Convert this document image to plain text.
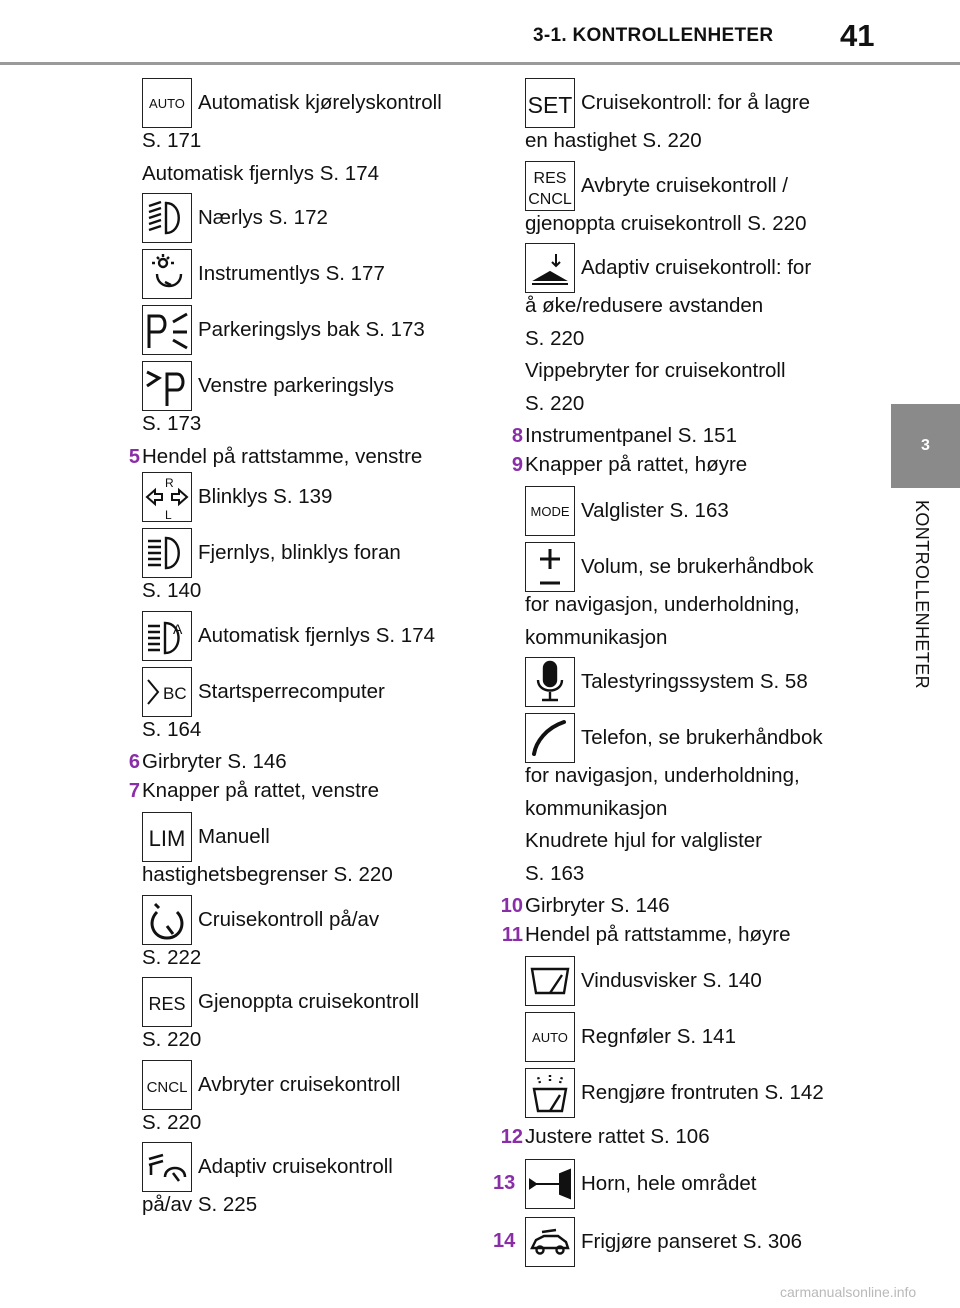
3-1. KONTROLLENHETER 41
3
KONTROLLENHETER
AUTO Automatisk kjørelyskontroll
S. 171
Automatisk fjernlys S. 174
Nærlys S. 172
Instrumentlys S. 177
Parkeringslys bak S. 173
Venstre parkeringslys
S. 173
5 Hendel på rattstamme, venstre
R
L
Blinklys S. 139
Fjernlys, blinklys foran
S. 140
A Automatisk fjernlys S. 174
BC Startsperrecomputer
S. 164
6 Girbryter S. 146
7 Knapper på rattet, venstre
LIM Manuell
hastighetsbegrenser S. 220
Cruisekontroll på/av
S. 222
RES Gjenoppta cruisekontroll
S. 220
CNCL Avbryter cruisekontroll
S. 220
Adaptiv cruisekontroll
på/av S. 225
SET Cruisekontroll: for å lagre
en hastighet S. 220
RES
CNCL
Avbryte cruisekontroll /
gjenoppta cruisekontroll S. 220
Adaptiv cruisekontroll: for
å øke/redusere avstanden
S. 220
Vippebryter for cruisekontroll
S. 220
8 Instrumentpanel S. 151
9 Knapper på rattet, høyre
MODE Valglister S. 163
Volum, se brukerhåndbok
for navigasjon, underholdning,
kommunikasjon
Talestyringssystem S. 58
Telefon, se brukerhåndbok
for navigasjon, underholdning,
kommunikasjon
Knudrete hjul for valglister
S. 163
10 Girbryter S. 146
11 Hendel på rattstamme, høyre
Vindusvisker S. 140
AUTO Regnføler S. 141
Rengjøre frontruten S. 142
12 Justere rattet S. 106
13	Horn, hele området
14	Frigjøre panseret S. 306
carmanualsonline.info
